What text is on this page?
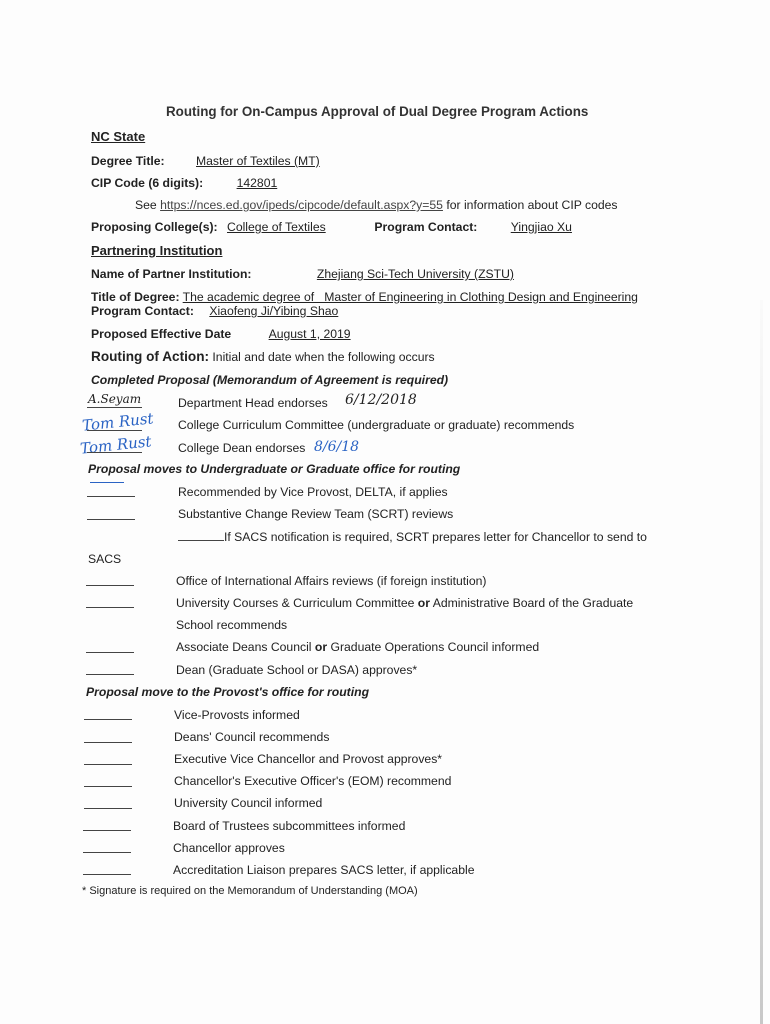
Routing for On-Campus Approval of Dual Degree Program Actions
NC State
Degree Title:	Master of Textiles (MT)
CIP Code (6 digits):	142801
See https://nces.ed.gov/ipeds/cipcode/default.aspx?y=55 for information about CIP codes
Proposing College(s): College of Textiles	Program Contact:	Yingjiao Xu
Partnering Institution
Name of Partner Institution:	Zhejiang Sci-Tech University (ZSTU)
Title of Degree: The academic degree of   Master of Engineering in Clothing Design and Engineering
Program Contact: Xiaofeng Ji/Yibing Shao
Proposed Effective Date	August 1, 2019
Routing of Action: Initial and date when the following occurs
Completed Proposal (Memorandum of Agreement is required)
A.Seyam	Department Head endorses 6/12/2018
Tom Rust College Curriculum Committee (undergraduate or graduate) recommends
Tom Rust College Dean endorses 8/6/18
Proposal moves to Undergraduate or Graduate office for routing
Recommended by Vice Provost, DELTA, if applies
Substantive Change Review Team (SCRT) reviews
If SACS notification is required, SCRT prepares letter for Chancellor to send to
SACS
Office of International Affairs reviews (if foreign institution)
University Courses & Curriculum Committee or Administrative Board of the Graduate
School recommends
Associate Deans Council or Graduate Operations Council informed
Dean (Graduate School or DASA) approves*
Proposal move to the Provost's office for routing
Vice-Provosts informed
Deans' Council recommends
Executive Vice Chancellor and Provost approves*
Chancellor's Executive Officer's (EOM) recommend
University Council informed
Board of Trustees subcommittees informed
Chancellor approves
Accreditation Liaison prepares SACS letter, if applicable
* Signature is required on the Memorandum of Understanding (MOA)
